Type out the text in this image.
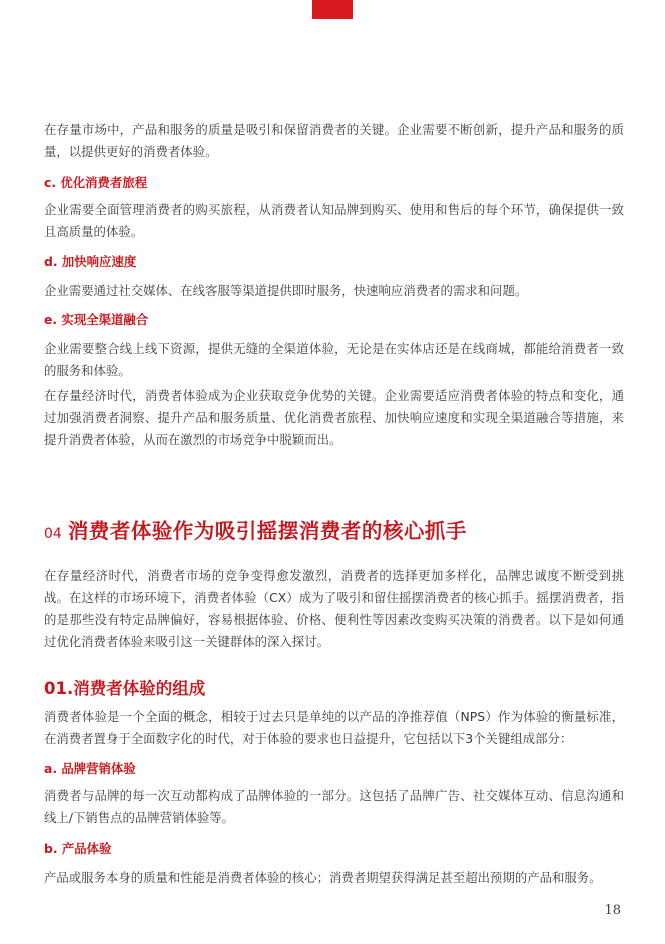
在存量市场中，产品和服务的质量是吸引和保留消费者的关键。企业需要不断创新，提升产品和服务的质量，以提供更好的消费者体验。

c. 优化消费者旅程

企业需要全面管理消费者的购买旅程，从消费者认知品牌到购买、使用和售后的每个环节，确保提供一致且高质量的体验。

d. 加快响应速度

企业需要通过社交媒体、在线客服等渠道提供即时服务，快速响应消费者的需求和问题。

e. 实现全渠道融合

企业需要整合线上线下资源，提供无缝的全渠道体验，无论是在实体店还是在线商城，都能给消费者一致的服务和体验。

在存量经济时代，消费者体验成为企业获取竞争优势的关键。企业需要适应消费者体验的特点和变化，通过加强消费者洞察、提升产品和服务质量、优化消费者旅程、加快响应速度和实现全渠道融合等措施，来提升消费者体验，从而在激烈的市场竞争中脱颖而出。

04 消费者体验作为吸引摇摆消费者的核心抓手

在存量经济时代，消费者市场的竞争变得愈发激烈，消费者的选择更加多样化，品牌忠诚度不断受到挑战。在这样的市场环境下，消费者体验（CX）成为了吸引和留住摇摆消费者的核心抓手。摇摆消费者，指的是那些没有特定品牌偏好，容易根据体验、价格、便利性等因素改变购买决策的消费者。以下是如何通过优化消费者体验来吸引这一关键群体的深入探讨。

01.消费者体验的组成

消费者体验是一个全面的概念，相较于过去只是单纯的以产品的净推荐值（NPS）作为体验的衡量标准，在消费者置身于全面数字化的时代，对于体验的要求也日益提升，它包括以下3个关键组成部分：

a. 品牌营销体验

消费者与品牌的每一次互动都构成了品牌体验的一部分。这包括了品牌广告、社交媒体互动、信息沟通和线上/下销售点的品牌营销体验等。

b. 产品体验

产品或服务本身的质量和性能是消费者体验的核心；消费者期望获得满足甚至超出预期的产品和服务。

18
